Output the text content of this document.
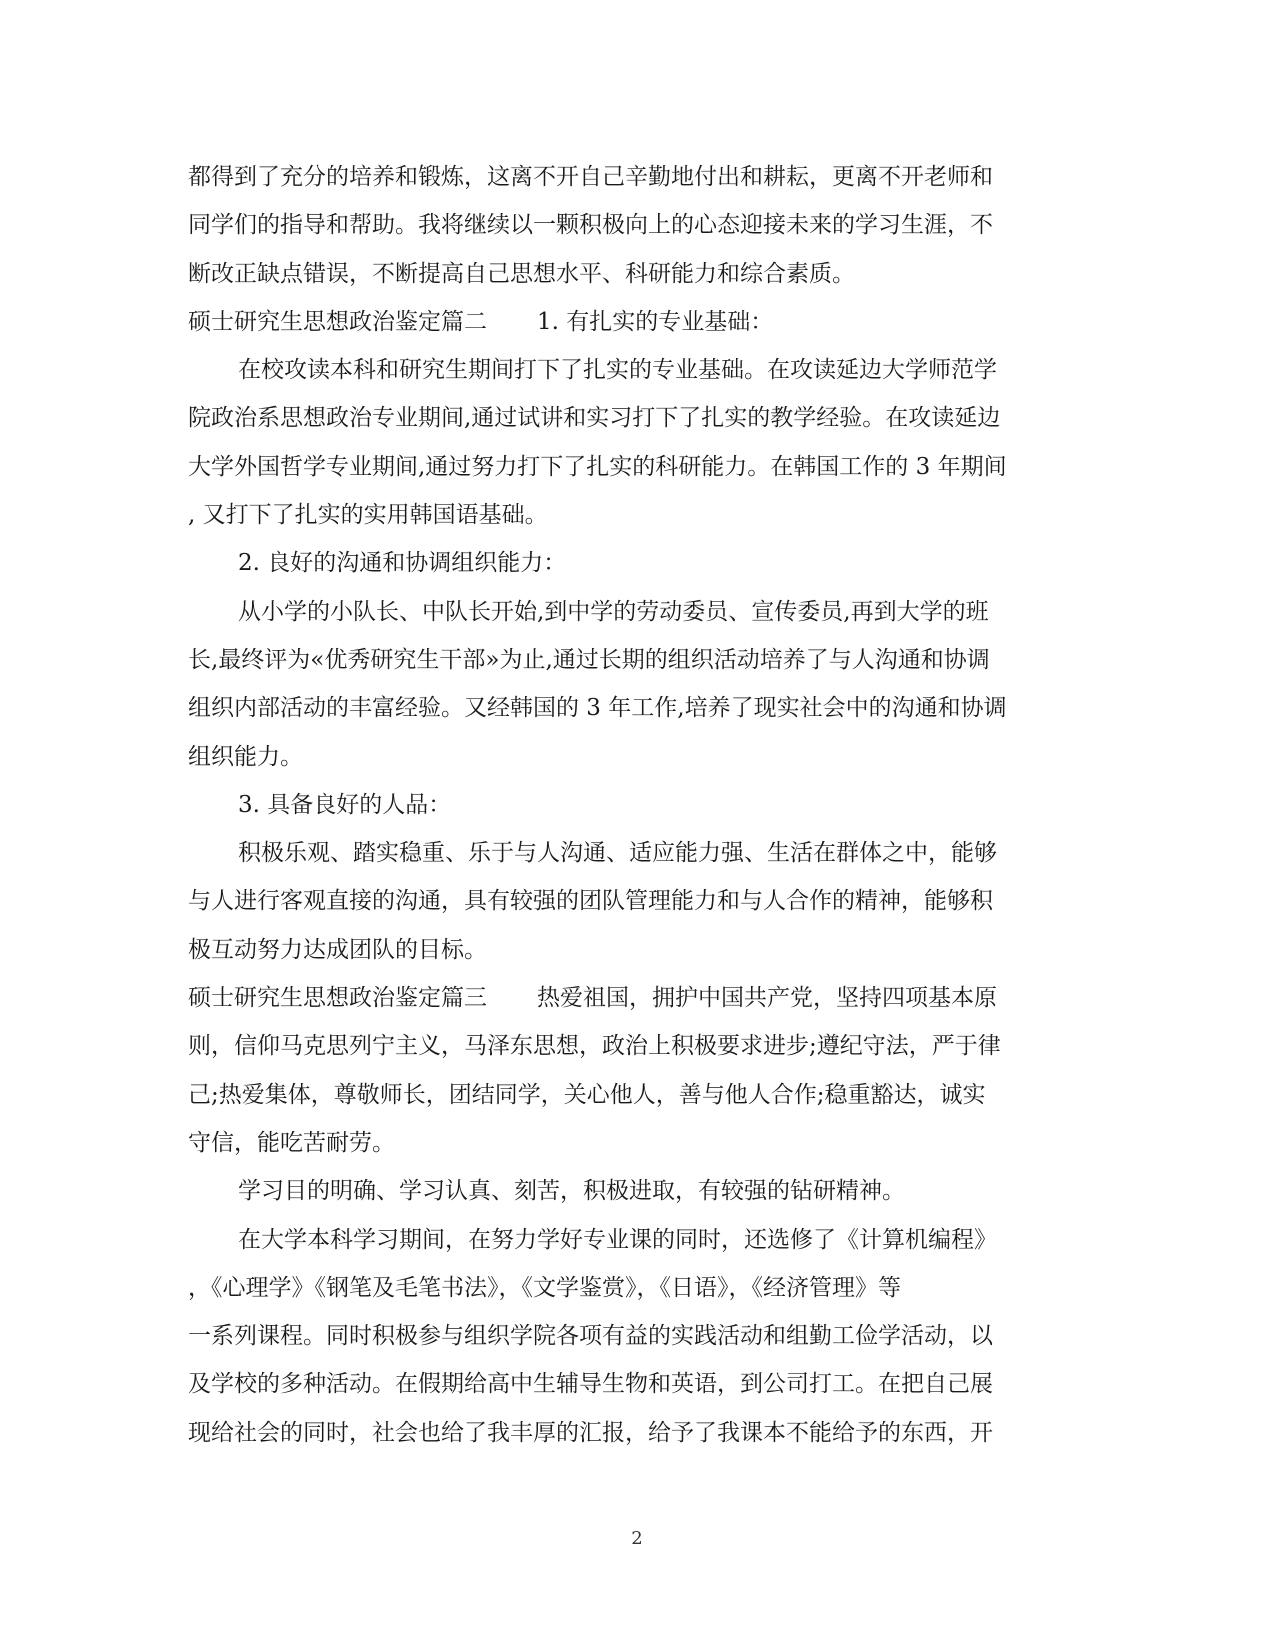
都得到了充分的培养和锻炼，这离不开自己辛勤地付出和耕耘，更离不开老师和
同学们的指导和帮助。我将继续以一颗积极向上的心态迎接未来的学习生涯，不
断改正缺点错误，不断提高自己思想水平、科研能力和综合素质。
硕士研究生思想政治鉴定篇二 1. 有扎实的专业基础：
在校攻读本科和研究生期间打下了扎实的专业基础。在攻读延边大学师范学
院政治系思想政治专业期间,通过试讲和实习打下了扎实的教学经验。在攻读延边
大学外国哲学专业期间,通过努力打下了扎实的科研能力。在韩国工作的 3 年期间
, 又打下了扎实的实用韩国语基础。
2. 良好的沟通和协调组织能力：
从小学的小队长、中队长开始,到中学的劳动委员、宣传委员,再到大学的班
长,最终评为«优秀研究生干部»为止,通过长期的组织活动培养了与人沟通和协调
组织内部活动的丰富经验。又经韩国的 3 年工作,培养了现实社会中的沟通和协调
组织能力。
3. 具备良好的人品：
积极乐观、踏实稳重、乐于与人沟通、适应能力强、生活在群体之中，能够
与人进行客观直接的沟通，具有较强的团队管理能力和与人合作的精神，能够积
极互动努力达成团队的目标。
硕士研究生思想政治鉴定篇三 热爱祖国，拥护中国共产党，坚持四项基本原
则，信仰马克思列宁主义，马泽东思想，政治上积极要求进步;遵纪守法，严于律
己;热爱集体，尊敬师长，团结同学，关心他人，善与他人合作;稳重豁达，诚实
守信，能吃苦耐劳。
学习目的明确、学习认真、刻苦，积极进取，有较强的钻研精神。
在大学本科学习期间，在努力学好专业课的同时，还选修了《计算机编程》
，《心理学》《钢笔及毛笔书法》，《文学鉴赏》，《日语》，《经济管理》等
一系列课程。同时积极参与组织学院各项有益的实践活动和组勤工俭学活动，以
及学校的多种活动。在假期给高中生辅导生物和英语，到公司打工。在把自己展
现给社会的同时，社会也给了我丰厚的汇报，给予了我课本不能给予的东西，开
2
